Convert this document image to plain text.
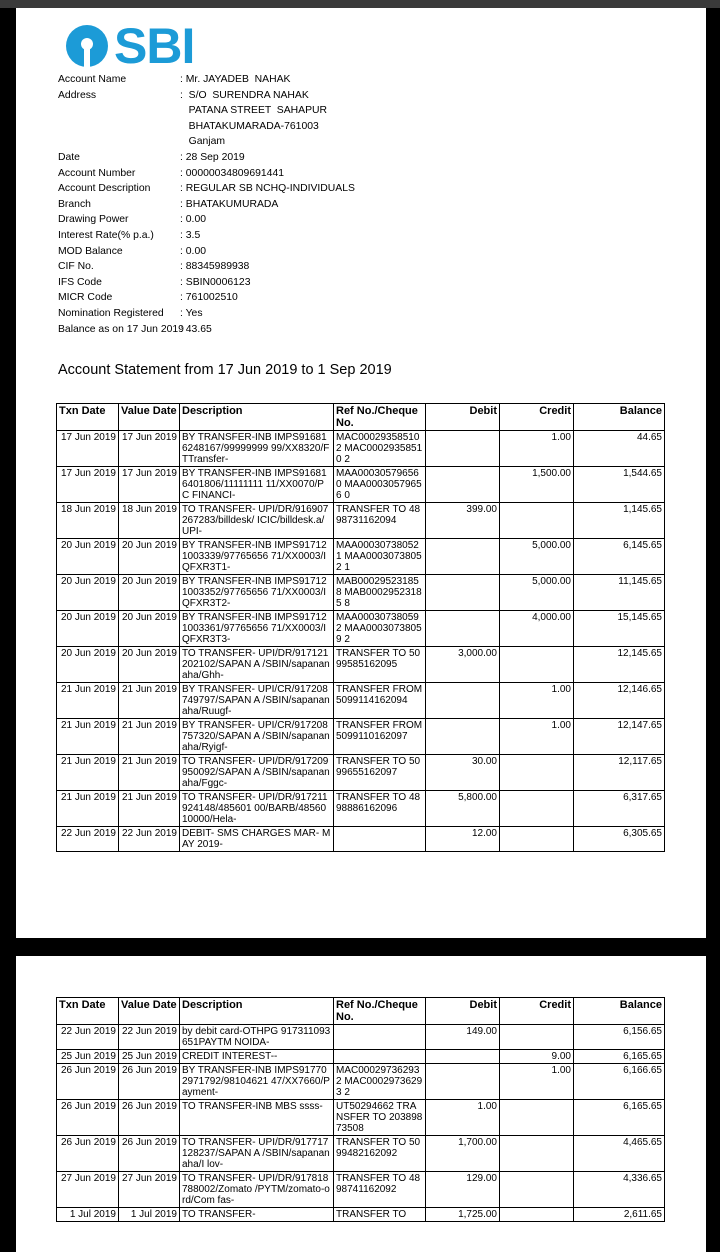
SBI
Account Name	: Mr. JAYADEB  NAHAK
Address	:  S/O  SURENDRA NAHAK
PATANA STREET  SAHAPUR
BHATAKUMARADA-761003
Ganjam
Date	: 28 Sep 2019
Account Number	: 00000034809691441
Account Description	: REGULAR SB NCHQ-INDIVIDUALS
Branch	: BHATAKUMURADA
Drawing Power	: 0.00
Interest Rate(% p.a.)	: 3.5
MOD Balance	: 0.00
CIF No.	: 88345989938
IFS Code	: SBIN0006123
MICR Code	: 761002510
Nomination Registered	: Yes
Balance as on 17 Jun 2019
: 43.65
Account Statement from 17 Jun 2019 to 1 Sep 2019
Txn Date	Value Date	Description	Ref No./Cheque No.	Debit	Credit	Balance
17 Jun 2019	17 Jun 2019	BY TRANSFER-INB IMPS916816248167/99999999 99/XX8320/FTTransfer-	MAC00029358510 2 MAC00029358510 2		1.00	44.65
17 Jun 2019	17 Jun 2019	BY TRANSFER-INB IMPS916816401806/11111111 11/XX0070/PC FINANCI-	MAA00030579656 0 MAA00030579656 0		1,500.00	1,544.65
18 Jun 2019	18 Jun 2019	TO TRANSFER- UPI/DR/916907267283/billdesk/ ICIC/billdesk.a/UPI-	TRANSFER TO 4898731162094	399.00		1,145.65
20 Jun 2019	20 Jun 2019	BY TRANSFER-INB IMPS917121003339/97765656 71/XX0003/IQFXR3T1-	MAA00030738052 1 MAA00030738052 1		5,000.00	6,145.65
20 Jun 2019	20 Jun 2019	BY TRANSFER-INB IMPS917121003352/97765656 71/XX0003/IQFXR3T2-	MAB00029523185 8 MAB00029523185 8		5,000.00	11,145.65
20 Jun 2019	20 Jun 2019	BY TRANSFER-INB IMPS917121003361/97765656 71/XX0003/IQFXR3T3-	MAA00030738059 2 MAA00030738059 2		4,000.00	15,145.65
20 Jun 2019	20 Jun 2019	TO TRANSFER- UPI/DR/917121202102/SAPAN A /SBIN/sapananaha/Ghh-	TRANSFER TO 5099585162095	3,000.00		12,145.65
21 Jun 2019	21 Jun 2019	BY TRANSFER- UPI/CR/917208749797/SAPAN A /SBIN/sapananaha/Ruugf-	TRANSFER FROM 5099114162094		1.00	12,146.65
21 Jun 2019	21 Jun 2019	BY TRANSFER- UPI/CR/917208757320/SAPAN A /SBIN/sapananaha/Ryigf-	TRANSFER FROM 5099110162097		1.00	12,147.65
21 Jun 2019	21 Jun 2019	TO TRANSFER- UPI/DR/917209950092/SAPAN A /SBIN/sapananaha/Fggc-	TRANSFER TO 5099655162097	30.00		12,117.65
21 Jun 2019	21 Jun 2019	TO TRANSFER- UPI/DR/917211924148/485601 00/BARB/4856010000/Hela-	TRANSFER TO 4898886162096	5,800.00		6,317.65
22 Jun 2019	22 Jun 2019	DEBIT- SMS CHARGES MAR- MAY 2019-		12.00		6,305.65
Txn Date	Value Date	Description	Ref No./Cheque No.	Debit	Credit	Balance
22 Jun 2019	22 Jun 2019	by debit card-OTHPG 917311093651PAYTM NOIDA-		149.00		6,156.65
25 Jun 2019	25 Jun 2019	CREDIT INTEREST--			9.00	6,165.65
26 Jun 2019	26 Jun 2019	BY TRANSFER-INB IMPS917702971792/98104621 47/XX7660/Payment-	MAC00029736293 2 MAC00029736293 2		1.00	6,166.65
26 Jun 2019	26 Jun 2019	TO TRANSFER-INB MBS ssss-	UT50294662 TRANSFER TO 20389873508	1.00		6,165.65
26 Jun 2019	26 Jun 2019	TO TRANSFER- UPI/DR/917717128237/SAPAN A /SBIN/sapananaha/I lov-	TRANSFER TO 5099482162092	1,700.00		4,465.65
27 Jun 2019	27 Jun 2019	TO TRANSFER- UPI/DR/917818788002/Zomato /PYTM/zomato-ord/Com fas-	TRANSFER TO 4898741162092	129.00		4,336.65
1 Jul 2019	1 Jul 2019	TO TRANSFER-	TRANSFER TO	1,725.00		2,611.65
